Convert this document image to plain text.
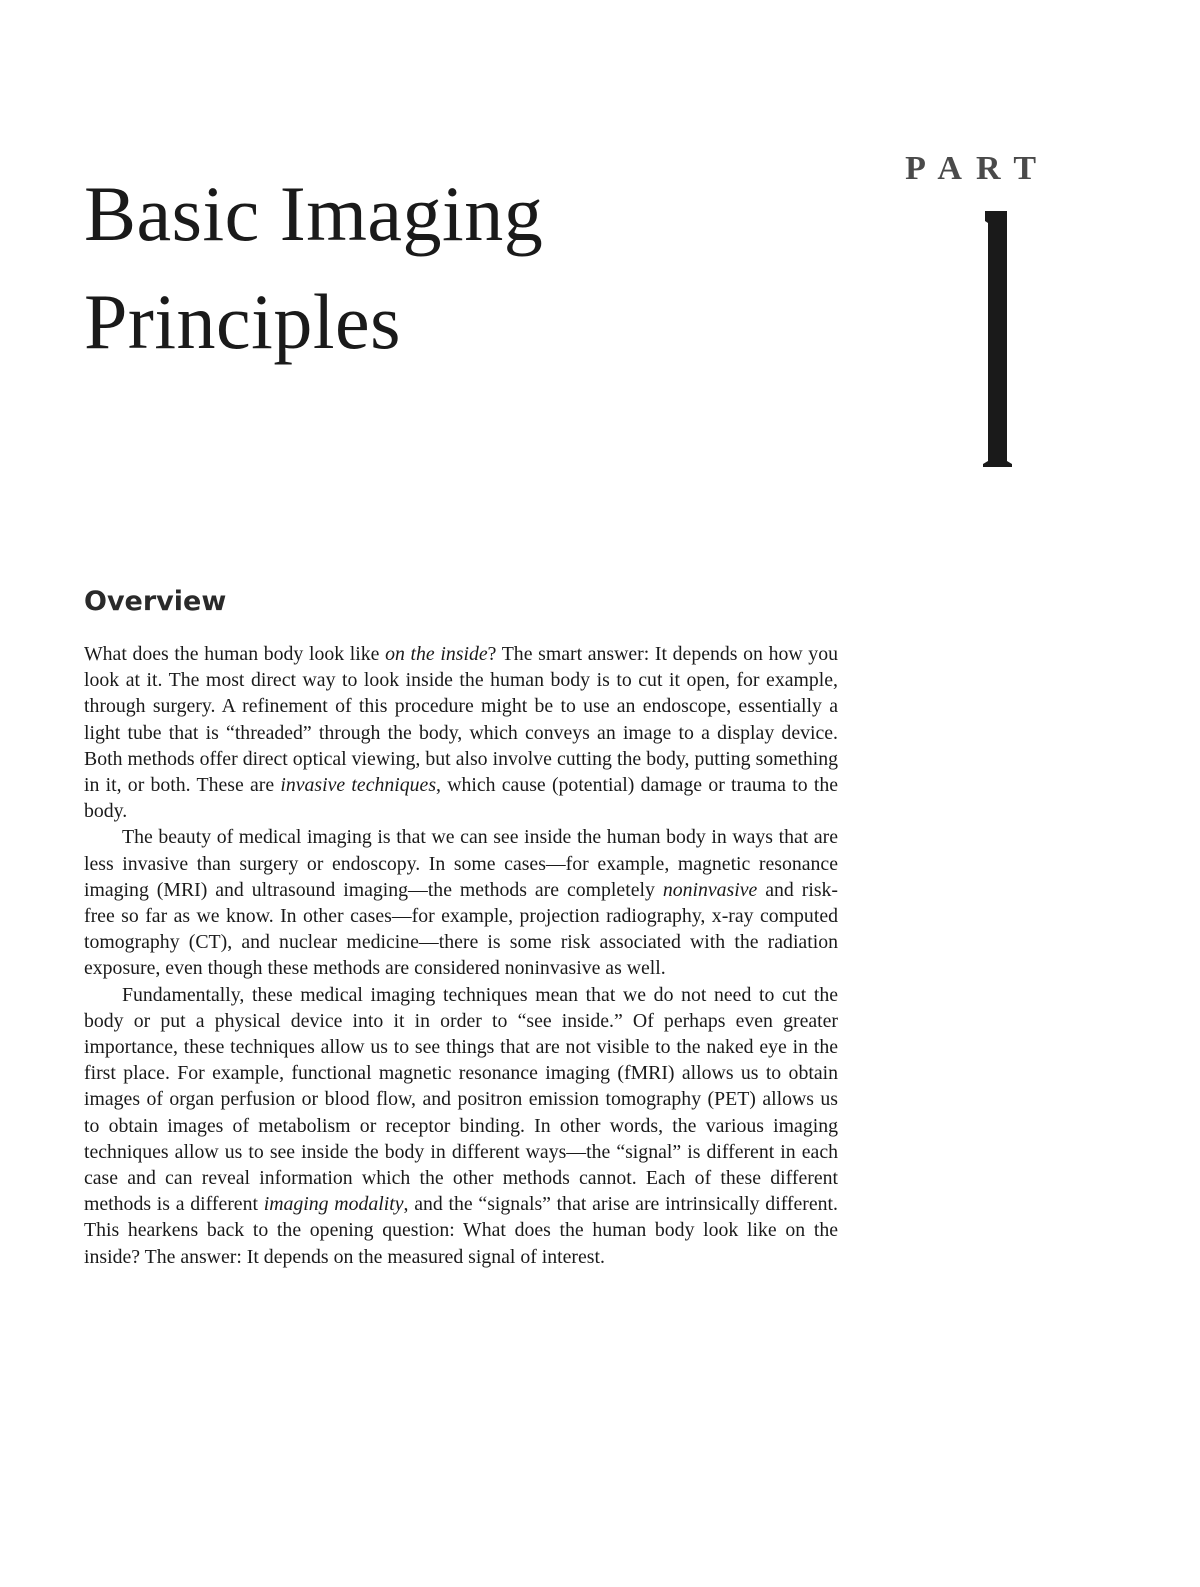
Basic Imaging
Principles
PART
Overview

What does the human body look like on the inside? The smart answer: It depends on how you look at it. The most direct way to look inside the human body is to cut it open, for example, through surgery. A refinement of this procedure might be to use an endoscope, essentially a light tube that is “threaded” through the body, which conveys an image to a display device. Both methods offer direct optical viewing, but also involve cutting the body, putting something in it, or both. These are invasive techniques, which cause (potential) damage or trauma to the body.

The beauty of medical imaging is that we can see inside the human body in ways that are less invasive than surgery or endoscopy. In some cases—for example, magnetic resonance imaging (MRI) and ultrasound imaging—the methods are completely noninvasive and risk-free so far as we know. In other cases—for example, projection radiography, x-ray computed tomography (CT), and nuclear medicine—there is some risk associated with the radiation exposure, even though these methods are considered noninvasive as well.

Fundamentally, these medical imaging techniques mean that we do not need to cut the body or put a physical device into it in order to “see inside.” Of perhaps even greater importance, these techniques allow us to see things that are not visible to the naked eye in the first place. For example, functional magnetic resonance imaging (fMRI) allows us to obtain images of organ perfusion or blood flow, and positron emission tomography (PET) allows us to obtain images of metabolism or receptor binding. In other words, the various imaging techniques allow us to see inside the body in different ways—the “signal” is different in each case and can reveal information which the other methods cannot. Each of these different methods is a different imaging modality, and the “signals” that arise are intrinsically different. This hearkens back to the opening question: What does the human body look like on the inside? The answer: It depends on the measured signal of interest.
